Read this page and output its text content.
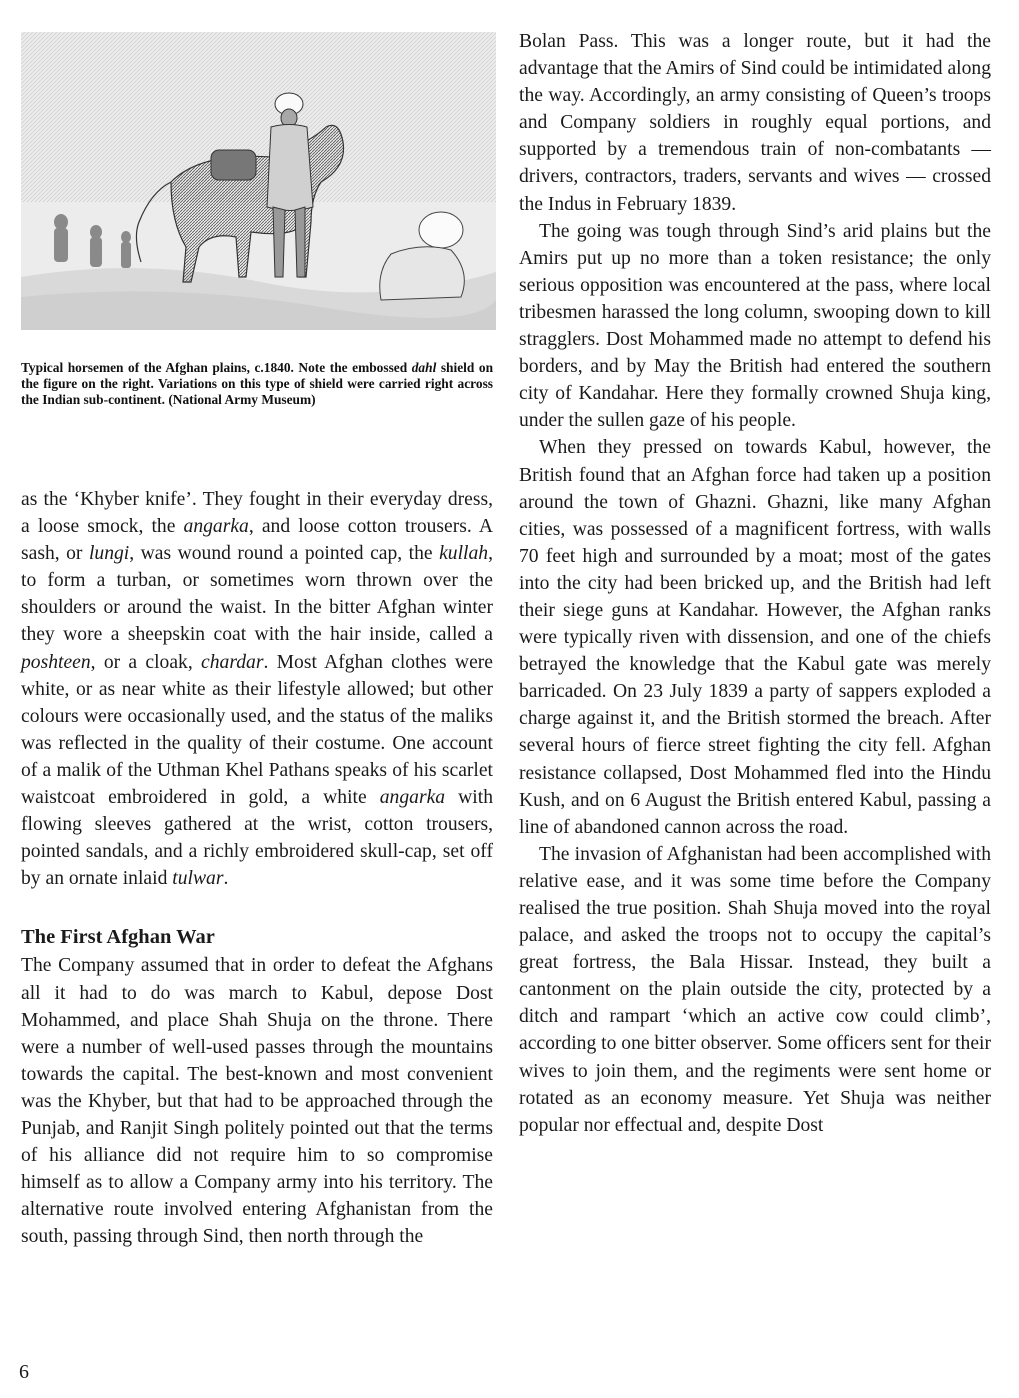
Typical horsemen of the Afghan plains, c.1840. Note the embossed dahl shield on the figure on the right. Variations on this type of shield were carried right across the Indian sub-continent. (National Army Museum)

as the ‘Khyber knife’. They fought in their everyday dress, a loose smock, the angarka, and loose cotton trousers. A sash, or lungi, was wound round a pointed cap, the kullah, to form a turban, or sometimes worn thrown over the shoulders or around the waist. In the bitter Afghan winter they wore a sheepskin coat with the hair inside, called a poshteen, or a cloak, chardar. Most Afghan clothes were white, or as near white as their lifestyle allowed; but other colours were occasionally used, and the status of the maliks was reflected in the quality of their costume. One account of a malik of the Uthman Khel Pathans speaks of his scarlet waistcoat embroidered in gold, a white angarka with flowing sleeves gathered at the wrist, cotton trousers, pointed sandals, and a richly embroidered skull-cap, set off by an ornate inlaid tulwar.

The First Afghan War

The Company assumed that in order to defeat the Afghans all it had to do was march to Kabul, depose Dost Mohammed, and place Shah Shuja on the throne. There were a number of well-used passes through the mountains towards the capital. The best-known and most convenient was the Khyber, but that had to be approached through the Punjab, and Ranjit Singh politely pointed out that the terms of his alliance did not require him to so compromise himself as to allow a Company army into his territory. The alternative route involved entering Afghanistan from the south, passing through Sind, then north through the

Bolan Pass. This was a longer route, but it had the advantage that the Amirs of Sind could be intimidated along the way. Accordingly, an army consisting of Queen’s troops and Company soldiers in roughly equal portions, and supported by a tremendous train of non-combatants — drivers, contractors, traders, servants and wives — crossed the Indus in February 1839.

The going was tough through Sind’s arid plains but the Amirs put up no more than a token resistance; the only serious opposition was encountered at the pass, where local tribesmen harassed the long column, swooping down to kill stragglers. Dost Mohammed made no attempt to defend his borders, and by May the British had entered the southern city of Kandahar. Here they formally crowned Shuja king, under the sullen gaze of his people.

When they pressed on towards Kabul, however, the British found that an Afghan force had taken up a position around the town of Ghazni. Ghazni, like many Afghan cities, was possessed of a magnificent fortress, with walls 70 feet high and surrounded by a moat; most of the gates into the city had been bricked up, and the British had left their siege guns at Kandahar. However, the Afghan ranks were typically riven with dissension, and one of the chiefs betrayed the knowledge that the Kabul gate was merely barricaded. On 23 July 1839 a party of sappers exploded a charge against it, and the British stormed the breach. After several hours of fierce street fighting the city fell. Afghan resistance collapsed, Dost Mohammed fled into the Hindu Kush, and on 6 August the British entered Kabul, passing a line of abandoned cannon across the road.

The invasion of Afghanistan had been accomplished with relative ease, and it was some time before the Company realised the true position. Shah Shuja moved into the royal palace, and asked the troops not to occupy the capital’s great fortress, the Bala Hissar. Instead, they built a cantonment on the plain outside the city, protected by a ditch and rampart ‘which an active cow could climb’, according to one bitter observer. Some officers sent for their wives to join them, and the regiments were sent home or rotated as an economy measure. Yet Shuja was neither popular nor effectual and, despite Dost

6
